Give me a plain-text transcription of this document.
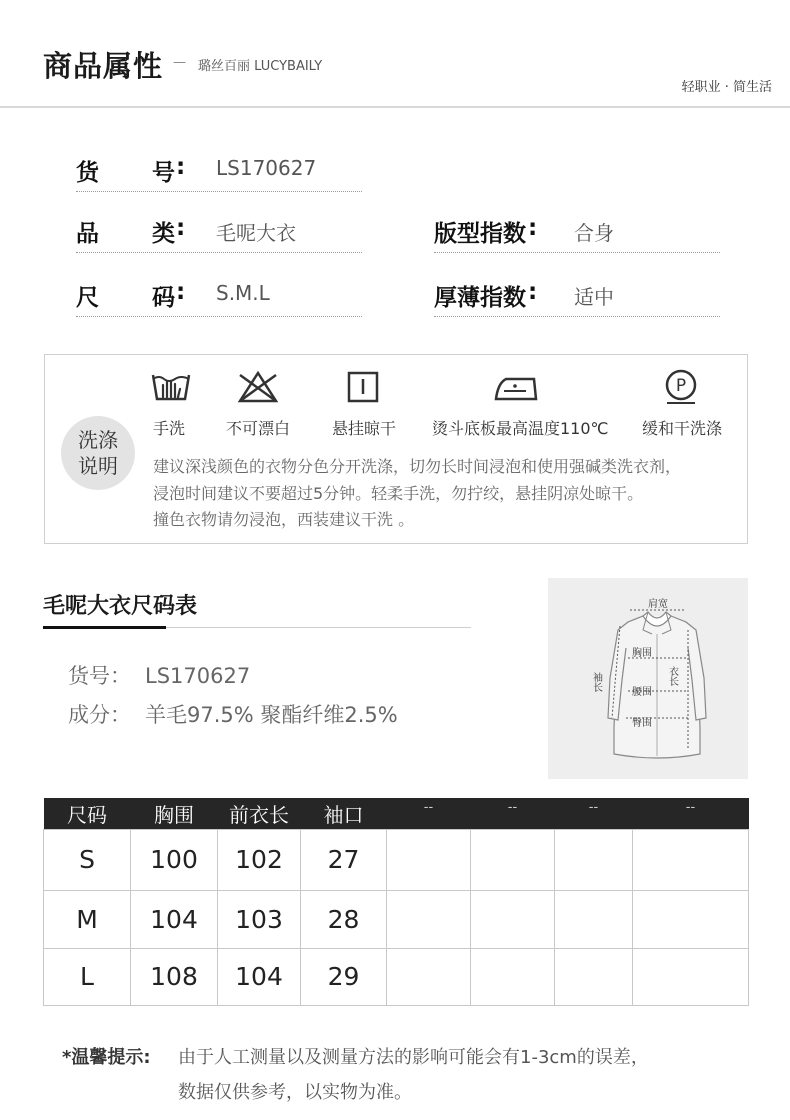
商品属性 — 璐丝百丽 LUCYBAILY
轻职业 · 简生活
货 号 : LS170627
品 类 : 毛呢大衣
尺 码 : S.M.L
版型指数 : 合身
厚薄指数 : 适中
洗涤
说明
手洗	不可漂白	悬挂晾干 烫斗底板最高温度110℃
P
缓和干洗涤
建议深浅颜色的衣物分色分开洗涤，切勿长时间浸泡和使用强碱类洗衣剂，
浸泡时间建议不要超过5分钟。轻柔手洗，勿拧绞，悬挂阴凉处晾干。
撞色衣物请勿浸泡，西装建议干洗 。
毛呢大衣尺码表
货号： LS170627
成分： 羊毛97.5% 聚酯纤维2.5%
肩宽
胸围
腰围
臀围
袖长	衣长
尺码	胸围	前衣长	袖口	--	--	--	--
S	100	102	27				
M	104	103	28				
L	108	104	29				
*温馨提示: 由于人工测量以及测量方法的影响可能会有1-3cm的误差，
数据仅供参考，以实物为准。
